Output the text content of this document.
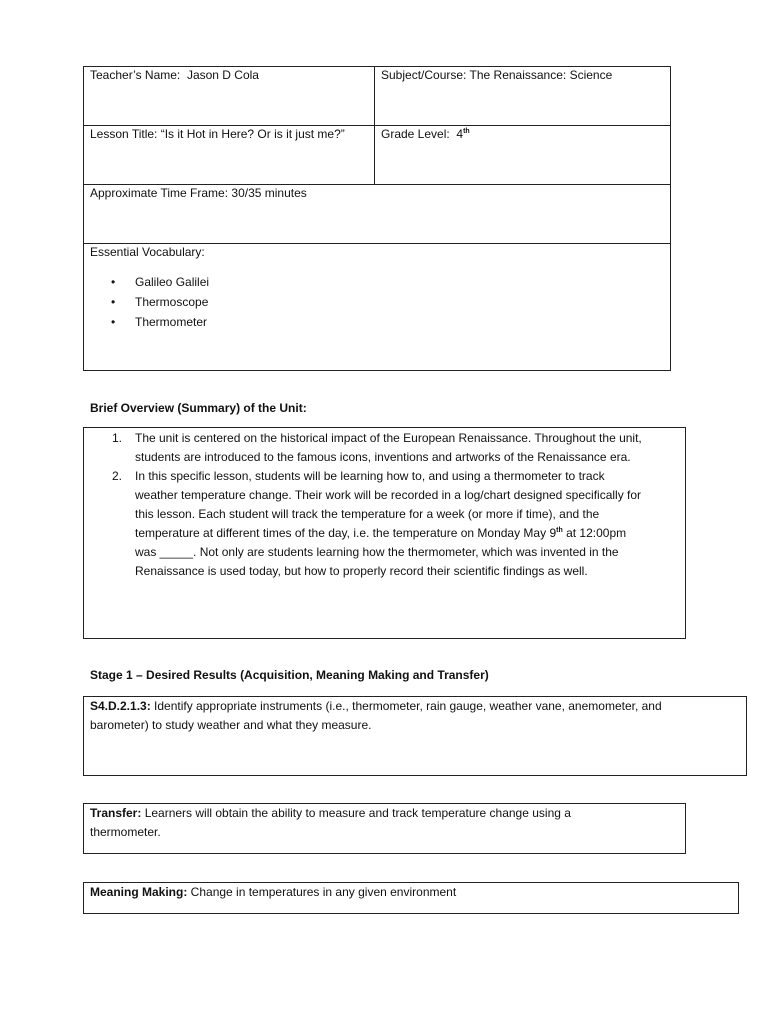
Teacher’s Name: Jason D Cola	Subject/Course: The Renaissance: Science
Lesson Title: “Is it Hot in Here? Or is it just me?”	Grade Level: 4th
Approximate Time Frame: 30/35 minutes
Essential Vocabulary:
• Galileo Galilei
• Thermoscope
• Thermometer
Brief Overview (Summary) of the Unit:
1. The unit is centered on the historical impact of the European Renaissance. Throughout the unit,
students are introduced to the famous icons, inventions and artworks of the Renaissance era.
2. In this specific lesson, students will be learning how to, and using a thermometer to track
weather temperature change. Their work will be recorded in a log/chart designed specifically for
this lesson. Each student will track the temperature for a week (or more if time), and the
temperature at different times of the day, i.e. the temperature on Monday May 9th at 12:00pm
was _____. Not only are students learning how the thermometer, which was invented in the
Renaissance is used today, but how to properly record their scientific findings as well.
Stage 1 – Desired Results (Acquisition, Meaning Making and Transfer)
S4.D.2.1.3: Identify appropriate instruments (i.e., thermometer, rain gauge, weather vane, anemometer, and
barometer) to study weather and what they measure.
Transfer: Learners will obtain the ability to measure and track temperature change using a
thermometer.
Meaning Making: Change in temperatures in any given environment
